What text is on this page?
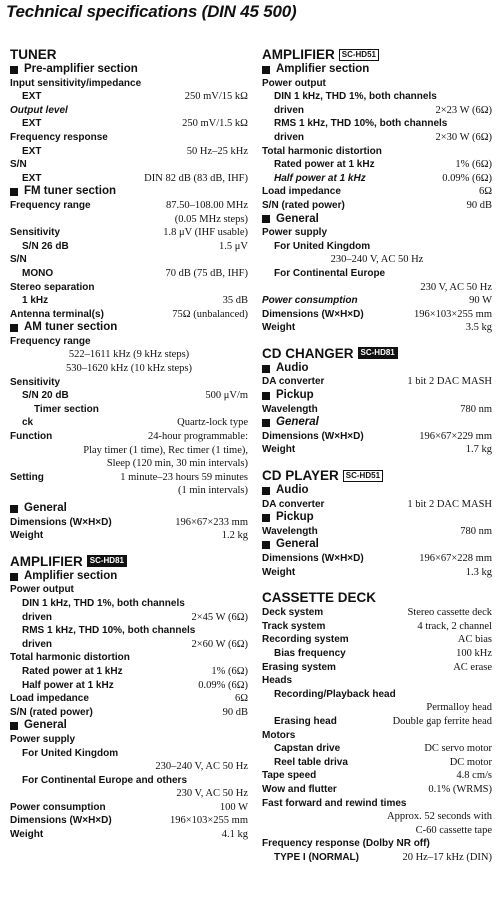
Technical specifications (DIN 45 500)
TUNER
Pre-amplifier section
Input sensitivity/impedance
EXT	250 mV/15 kΩ
Output level
EXT	250 mV/1.5 kΩ
Frequency response
EXT	50 Hz–25 kHz
S/N
EXT	DIN 82 dB (83 dB, IHF)
FM tuner section
Frequency range	87.50–108.00 MHz
(0.05 MHz steps)
Sensitivity	1.8 μV (IHF usable)
S/N 26 dB	1.5 μV
S/N
MONO	70 dB (75 dB, IHF)
Stereo separation
1 kHz	35 dB
Antenna terminal(s)	75Ω (unbalanced)
AM tuner section
Frequency range
522–1611 kHz (9 kHz steps)
530–1620 kHz (10 kHz steps)
Sensitivity
S/N 20 dB	500 μV/m
Timer section
ck	Quartz-lock type
Function	24-hour programmable:
Play timer (1 time), Rec timer (1 time),
Sleep (120 min, 30 min intervals)
Setting	1 minute–23 hours 59 minutes
(1 min intervals)
General
Dimensions (W×H×D)	196×67×233 mm
Weight	1.2 kg
AMPLIFIER SC-HD81
Amplifier section
Power output
DIN 1 kHz, THD 1%, both channels
driven	2×45 W (6Ω)
RMS 1 kHz, THD 10%, both channels
driven	2×60 W (6Ω)
Total harmonic distortion
Rated power at 1 kHz	1% (6Ω)
Half power at 1 kHz	0.09% (6Ω)
Load impedance	6Ω
S/N (rated power)	90 dB
General
Power supply
For United Kingdom
230–240 V, AC 50 Hz
For Continental Europe and others
230 V, AC 50 Hz
Power consumption	100 W
Dimensions (W×H×D)	196×103×255 mm
Weight	4.1 kg
AMPLIFIER SC-HD51
Amplifier section
Power output
DIN 1 kHz, THD 1%, both channels
driven	2×23 W (6Ω)
RMS 1 kHz, THD 10%, both channels
driven	2×30 W (6Ω)
Total harmonic distortion
Rated power at 1 kHz	1% (6Ω)
Half power at 1 kHz	0.09% (6Ω)
Load impedance	6Ω
S/N (rated power)	90 dB
General
Power supply
For United Kingdom
230–240 V, AC 50 Hz
For Continental Europe
230 V, AC 50 Hz
Power consumption	90 W
Dimensions (W×H×D)	196×103×255 mm
Weight	3.5 kg
CD CHANGER SC-HD81
Audio
DA converter	1 bit 2 DAC MASH
Pickup
Wavelength	780 nm
General
Dimensions (W×H×D)	196×67×229 mm
Weight	1.7 kg
CD PLAYER SC-HD51
Audio
DA converter	1 bit 2 DAC MASH
Pickup
Wavelength	780 nm
General
Dimensions (W×H×D)	196×67×228 mm
Weight	1.3 kg
CASSETTE DECK
Deck system	Stereo cassette deck
Track system	4 track, 2 channel
Recording system	AC bias
Bias frequency	100 kHz
Erasing system	AC erase
Heads
Recording/Playback head
Permalloy head
Erasing head	Double gap ferrite head
Motors
Capstan drive	DC servo motor
Reel table driva	DC motor
Tape speed	4.8 cm/s
Wow and flutter	0.1% (WRMS)
Fast forward and rewind times
Approx. 52 seconds with
C-60 cassette tape
Frequency response (Dolby NR off)
TYPE I (NORMAL)	20 Hz–17 kHz (DIN)
